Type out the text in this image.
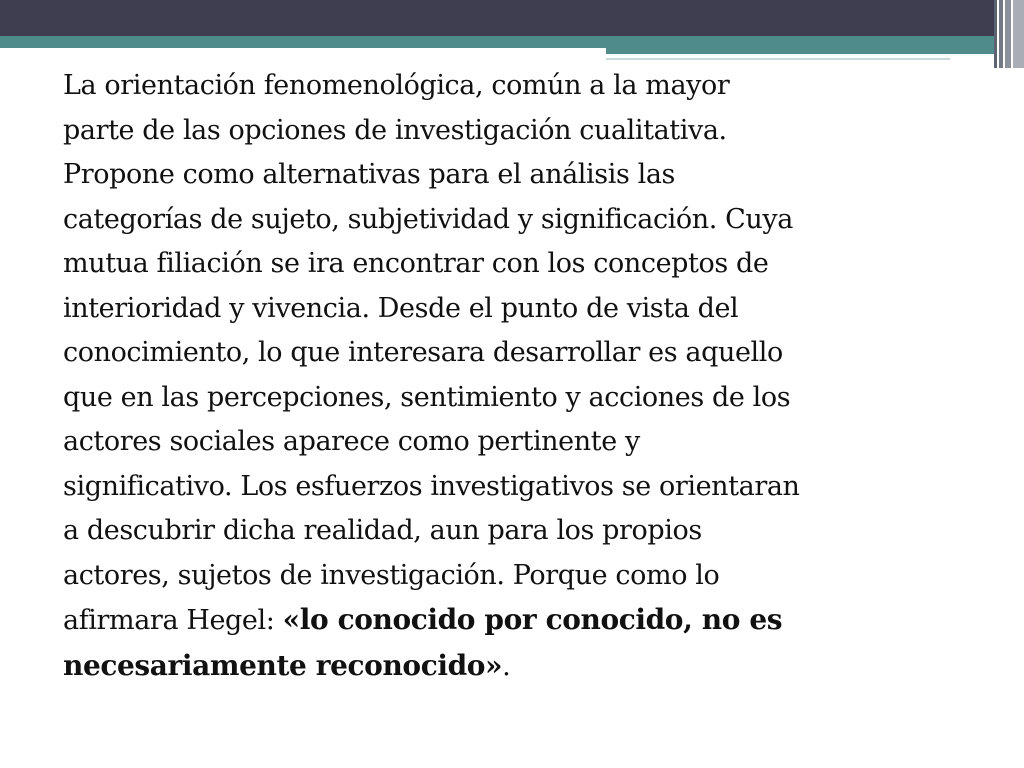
La orientación fenomenológica, común a la mayor
parte de las opciones de investigación cualitativa.
Propone como alternativas para el análisis las
categorías de sujeto, subjetividad y significación. Cuya
mutua filiación se ira encontrar con los conceptos de
interioridad y vivencia. Desde el punto de vista del
conocimiento, lo que interesara desarrollar es aquello
que en las percepciones, sentimiento y acciones de los
actores sociales aparece como pertinente y
significativo. Los esfuerzos investigativos se orientaran
a descubrir dicha realidad, aun para los propios
actores, sujetos de investigación. Porque como lo
afirmara Hegel: «lo conocido por conocido, no es
necesariamente reconocido».
